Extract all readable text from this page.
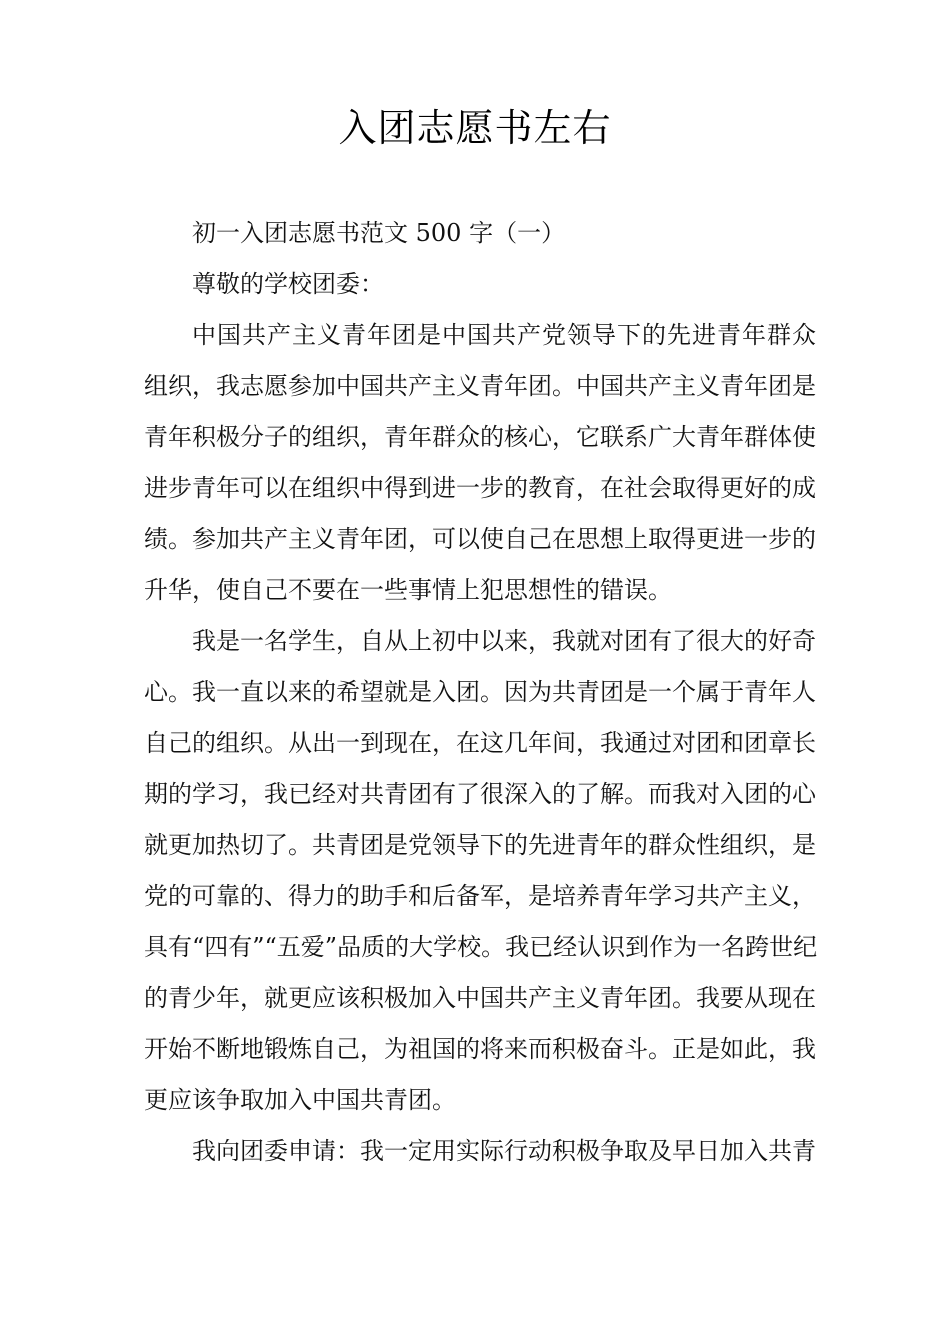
入团志愿书左右
初一入团志愿书范文 500 字（一）
尊敬的学校团委：
中国共产主义青年团是中国共产党领导下的先进青年群众
组织，我志愿参加中国共产主义青年团。中国共产主义青年团是
青年积极分子的组织，青年群众的核心，它联系广大青年群体使
进步青年可以在组织中得到进一步的教育，在社会取得更好的成
绩。参加共产主义青年团，可以使自己在思想上取得更进一步的
升华，使自己不要在一些事情上犯思想性的错误。
我是一名学生，自从上初中以来，我就对团有了很大的好奇
心。我一直以来的希望就是入团。因为共青团是一个属于青年人
自己的组织。从出一到现在，在这几年间，我通过对团和团章长
期的学习，我已经对共青团有了很深入的了解。而我对入团的心
就更加热切了。共青团是党领导下的先进青年的群众性组织，是
党的可靠的、得力的助手和后备军，是培养青年学习共产主义，
具有“四有”“五爱”品质的大学校。我已经认识到作为一名跨世纪
的青少年，就更应该积极加入中国共产主义青年团。我要从现在
开始不断地锻炼自己，为祖国的将来而积极奋斗。正是如此，我
更应该争取加入中国共青团。
我向团委申请：我一定用实际行动积极争取及早日加入共青
